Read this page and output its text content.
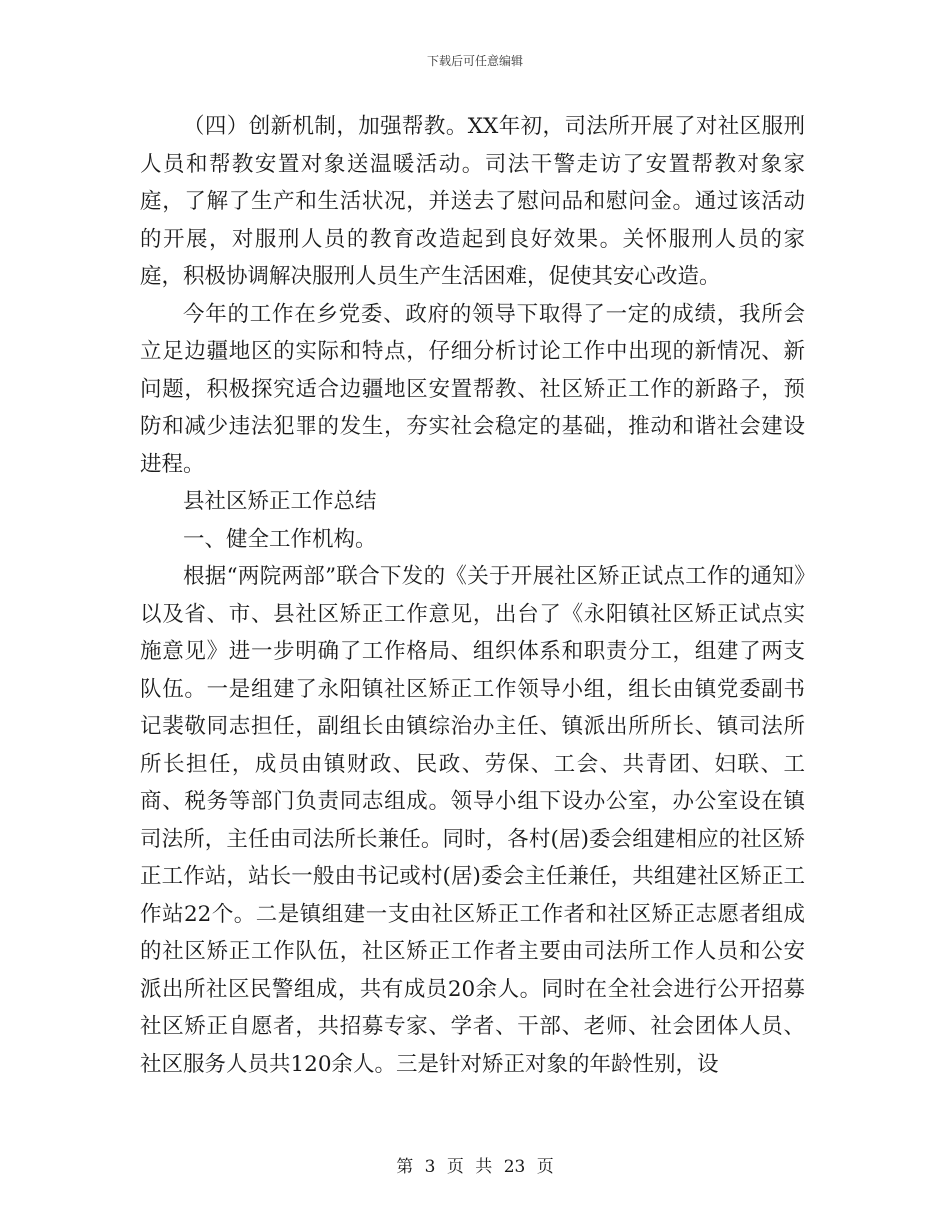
下载后可任意编辑

（四）创新机制，加强帮教。XX年初，司法所开展了对社区服刑人员和帮教安置对象送温暖活动。司法干警走访了安置帮教对象家庭，了解了生产和生活状况，并送去了慰问品和慰问金。通过该活动的开展，对服刑人员的教育改造起到良好效果。关怀服刑人员的家庭，积极协调解决服刑人员生产生活困难，促使其安心改造。

今年的工作在乡党委、政府的领导下取得了一定的成绩，我所会立足边疆地区的实际和特点，仔细分析讨论工作中出现的新情况、新问题，积极探究适合边疆地区安置帮教、社区矫正工作的新路子，预防和减少违法犯罪的发生，夯实社会稳定的基础，推动和谐社会建设进程。

县社区矫正工作总结

一、健全工作机构。

根据“两院两部”联合下发的《关于开展社区矫正试点工作的通知》以及省、市、县社区矫正工作意见，出台了《永阳镇社区矫正试点实施意见》进一步明确了工作格局、组织体系和职责分工，组建了两支队伍。一是组建了永阳镇社区矫正工作领导小组，组长由镇党委副书记裴敬同志担任，副组长由镇综治办主任、镇派出所所长、镇司法所所长担任，成员由镇财政、民政、劳保、工会、共青团、妇联、工商、税务等部门负责同志组成。领导小组下设办公室，办公室设在镇司法所，主任由司法所长兼任。同时，各村(居)委会组建相应的社区矫正工作站，站长一般由书记或村(居)委会主任兼任，共组建社区矫正工作站22个。二是镇组建一支由社区矫正工作者和社区矫正志愿者组成的社区矫正工作队伍，社区矫正工作者主要由司法所工作人员和公安派出所社区民警组成，共有成员20余人。同时在全社会进行公开招募社区矫正自愿者，共招募专家、学者、干部、老师、社会团体人员、社区服务人员共120余人。三是针对矫正对象的年龄性别，设

第 3 页 共 23 页
